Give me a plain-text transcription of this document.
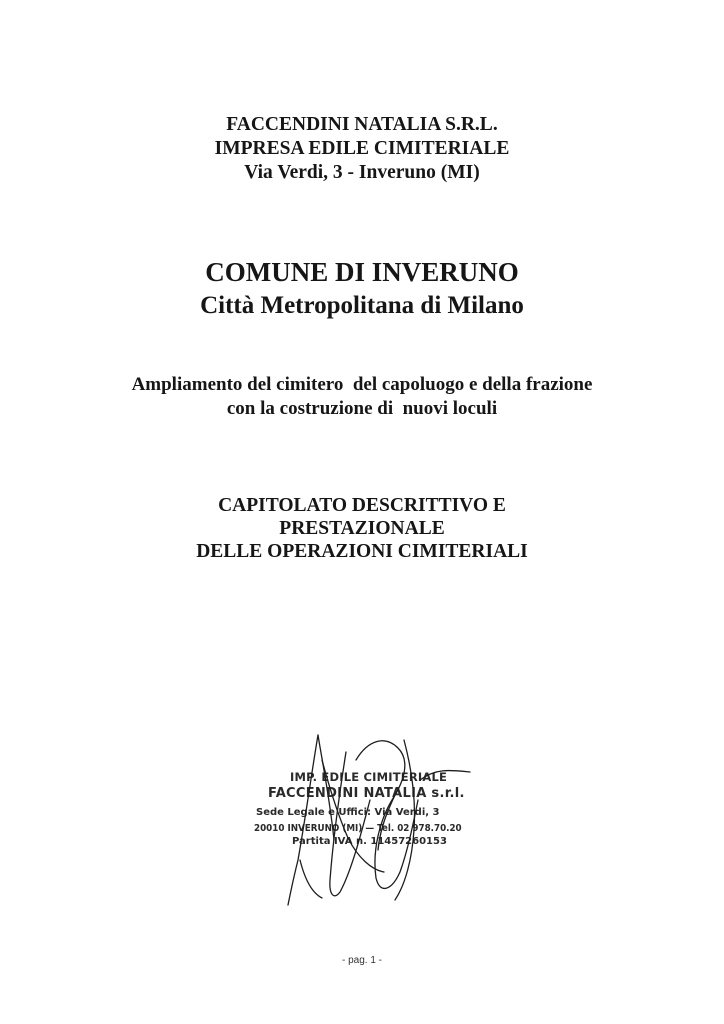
FACCENDINI NATALIA S.R.L.
IMPRESA EDILE CIMITERIALE
Via Verdi, 3 - Inveruno (MI)
COMUNE DI INVERUNO
Città Metropolitana di Milano
Ampliamento del cimitero  del capoluogo e della frazione
con la costruzione di  nuovi loculi
CAPITOLATO DESCRITTIVO E
PRESTAZIONALE
DELLE OPERAZIONI CIMITERIALI
IMP. EDILE CIMITERIALE
FACCENDINI NATALIA s.r.l.
Sede Legale e Uffici: Via Verdi, 3
20010 INVERUNO (MI) — Tel. 02 978.70.20
Partita IVA n. 11457260153
- pag. 1 -
